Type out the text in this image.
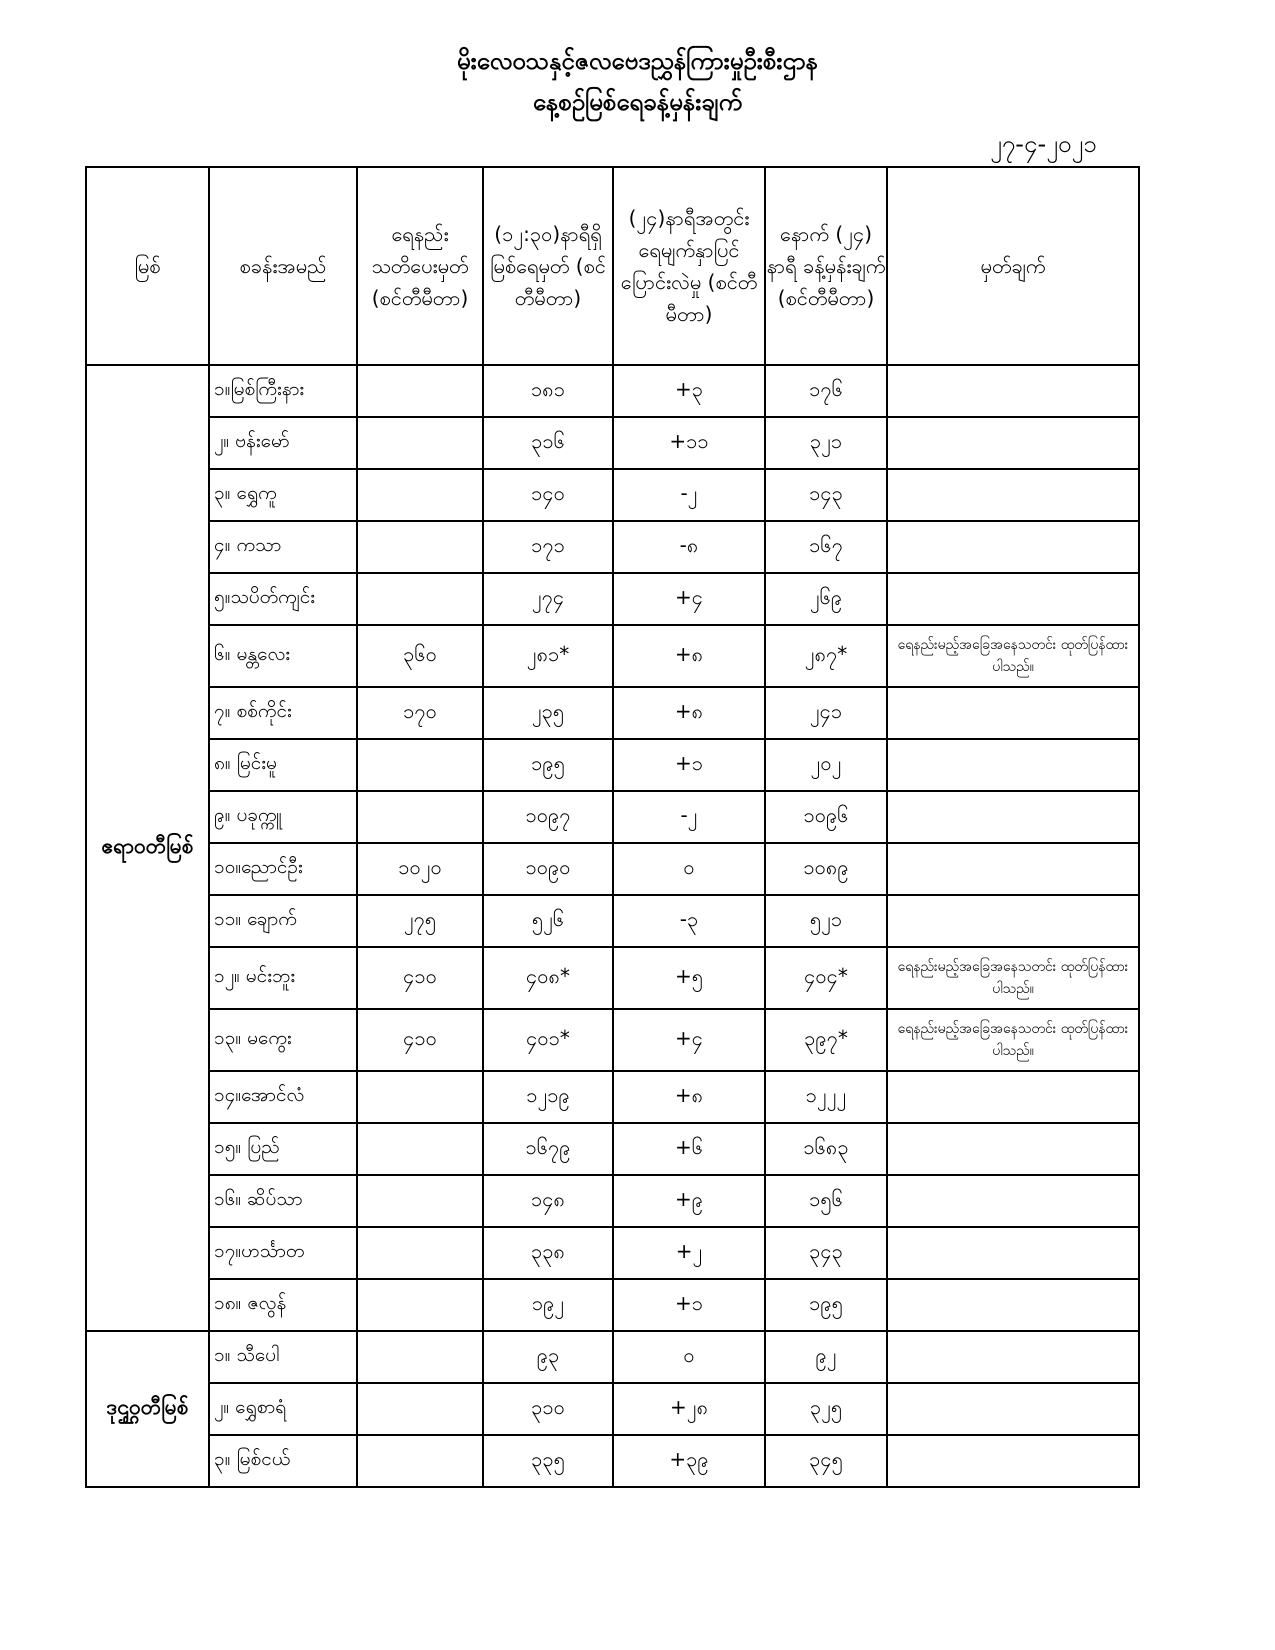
မိုးလေဝသနှင့်ဇလဗေဒညွှန်ကြားမှုဦးစီးဌာန
နေ့စဉ်မြစ်ရေခန့်မှန်းချက်
၂၇-၄-၂၀၂၁
မြစ်	စခန်းအမည်	ရေနည်း သတိပေးမှတ် (စင်တီမီတာ)	(၁၂:၃၀)နာရီရှိ မြစ်ရေမှတ် (စင်တီမီတာ)	(၂၄)နာရီအတွင်း ရေမျက်နှာပြင် ပြောင်းလဲမှု (စင်တီမီတာ)	နောက် (၂၄) နာရီ ခန့်မှန်းချက် (စင်တီမီတာ)	မှတ်ချက်
ဧရာဝတီမြစ်	၁။မြစ်ကြီးနား		၁၈၁	+၃	၁၇၆	
	၂။ ဗန်းမော်		၃၁၆	+၁၁	၃၂၁	
	၃။ ရွှေကူ		၁၄၀	-၂	၁၄၃	
	၄။ ကသာ		၁၇၁	-၈	၁၆၇	
	၅။သပိတ်ကျင်း		၂၇၄	+၄	၂၆၉	
	၆။ မန္တလေး	၃၆၀	၂၈၁*	+၈	၂၈၇*	ရေနည်းမည့်အခြေအနေသတင်း ထုတ်ပြန်ထားပါသည်။
	၇။ စစ်ကိုင်း	၁၇၀	၂၃၅	+၈	၂၄၁	
	၈။ မြင်းမူ		၁၉၅	+၁	၂၀၂	
	၉။ ပခုက္ကူ		၁၀၉၇	-၂	၁၀၉၆	
	၁၀။ညောင်ဦး	၁၀၂၀	၁၀၉၀	၀	၁၀၈၉	
	၁၁။ ချောက်	၂၇၅	၅၂၆	-၃	၅၂၁	
	၁၂။ မင်းဘူး	၄၁၀	၄၀၈*	+၅	၄၀၄*	ရေနည်းမည့်အခြေအနေသတင်း ထုတ်ပြန်ထားပါသည်။
	၁၃။ မကွေး	၄၁၀	၄၀၁*	+၄	၃၉၇*	ရေနည်းမည့်အခြေအနေသတင်း ထုတ်ပြန်ထားပါသည်။
	၁၄။အောင်လံ		၁၂၁၉	+၈	၁၂၂၂	
	၁၅။ ပြည်		၁၆၇၉	+၆	၁၆၈၃	
	၁၆။ ဆိပ်သာ		၁၄၈	+၉	၁၅၆	
	၁၇။ဟင်္သာတ		၃၃၈	+၂	၃၄၃	
	၁၈။ ဇလွန်		၁၉၂	+၁	၁၉၅	
ဒုဌ္ဌဝတီမြစ်	၁။ သီပေါ		၉၃	၀	၉၂	
	၂။ ရွှေစာရံ		၃၁၀	+၂၈	၃၂၅	
	၃။ မြစ်ငယ်		၃၃၅	+၃၉	၃၄၅	
